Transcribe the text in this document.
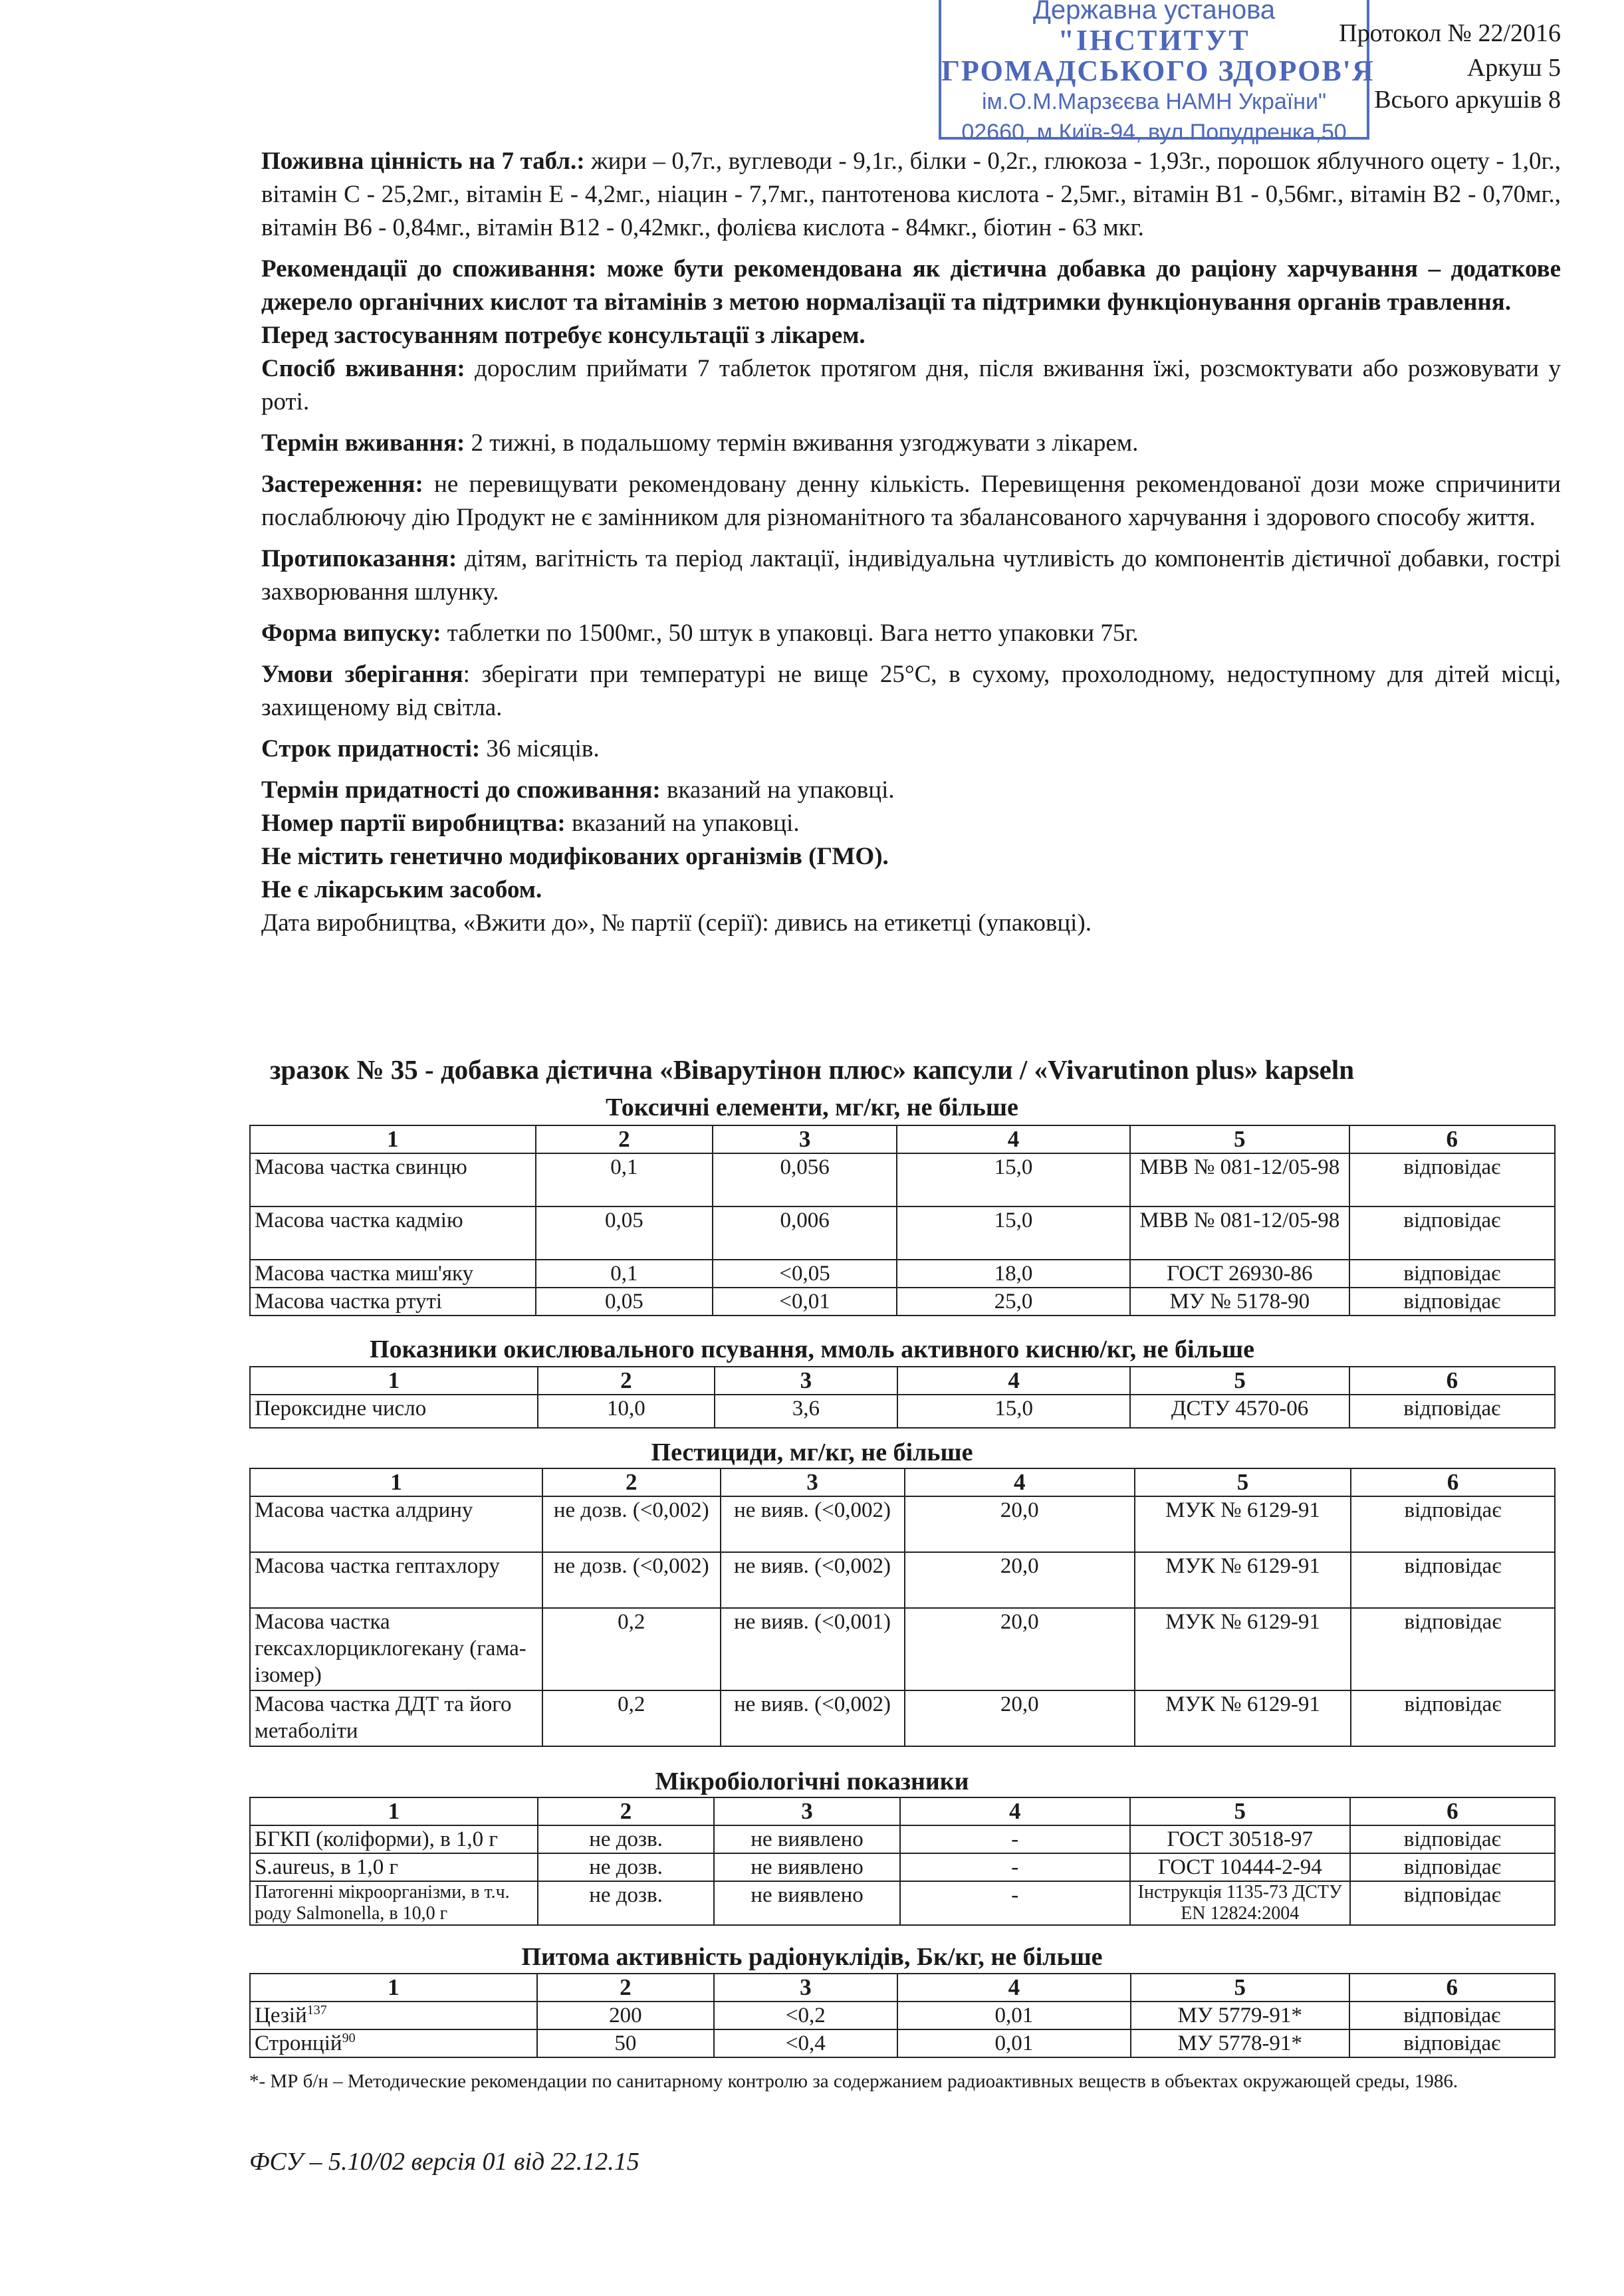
Державна установа
"ІНСТИТУТ
ГРОМАДСЬКОГО ЗДОРОВ'Я
ім.О.М.Марзєєва НАМН України"
02660, м.Київ-94, вул.Попудренка,50
Протокол № 22/2016
Аркуш 5
Всього аркушів 8

Поживна цінність на 7 табл.: жири – 0,7г., вуглеводи - 9,1г., білки - 0,2г., глюкоза - 1,93г., порошок яблучного оцету - 1,0г., вітамін С - 25,2мг., вітамін Е - 4,2мг., ніацин - 7,7мг., пантотенова кислота - 2,5мг., вітамін В1 - 0,56мг., вітамін В2 - 0,70мг., вітамін В6 - 0,84мг., вітамін В12 - 0,42мкг., фолієва кислота - 84мкг., біотин - 63 мкг.

Рекомендації до споживання: може бути рекомендована як дієтична добавка до раціону харчування – додаткове джерело органічних кислот та вітамінів з метою нормалізації та підтримки функціонування органів травлення.

Перед застосуванням потребує консультації з лікарем.

Спосіб вживання: дорослим приймати 7 таблеток протягом дня, після вживання їжі, розсмоктувати або розжовувати у роті.

Термін вживання: 2 тижні, в подальшому термін вживання узгоджувати з лікарем.

Застереження: не перевищувати рекомендовану денну кількість. Перевищення рекомендованої дози може спричинити послаблюючу дію Продукт не є замінником для різноманітного та збалансованого харчування і здорового способу життя.

Протипоказання: дітям, вагітність та період лактації, індивідуальна чутливість до компонентів дієтичної добавки, гострі захворювання шлунку.

Форма випуску: таблетки по 1500мг., 50 штук в упаковці. Вага нетто упаковки 75г.

Умови зберігання: зберігати при температурі не вище 25°С, в сухому, прохолодному, недоступному для дітей місці, захищеному від світла.

Строк придатності: 36 місяців.

Термін придатності до споживання: вказаний на упаковці.

Номер партії виробництва: вказаний на упаковці.

Не містить генетично модифікованих організмів (ГМО).

Не є лікарським засобом.

Дата виробництва, «Вжити до», № партії (серії): дивись на етикетці (упаковці).

зразок № 35 - добавка дієтична «Віварутінон плюс» капсули / «Vivarutinon plus» kapseln
Токсичні елементи, мг/кг, не більше
1	2	3	4	5	6
Масова частка свинцю	0,1	0,056	15,0	МВВ № 081-12/05-98	відповідає
Масова частка кадмію	0,05	0,006	15,0	МВВ № 081-12/05-98	відповідає
Масова частка миш'яку	0,1	<0,05	18,0	ГОСТ 26930-86	відповідає
Масова частка ртуті	0,05	<0,01	25,0	МУ № 5178-90	відповідає
Показники окислювального псування, ммоль активного кисню/кг, не більше
1	2	3	4	5	6
Пероксидне число	10,0	3,6	15,0	ДСТУ 4570-06	відповідає
Пестициди, мг/кг, не більше
1	2	3	4	5	6
Масова частка алдрину	не дозв. (<0,002)	не вияв. (<0,002)	20,0	МУК № 6129-91	відповідає
Масова частка гептахлору	не дозв. (<0,002)	не вияв. (<0,002)	20,0	МУК № 6129-91	відповідає
Масова частка гексахлорциклогекану (гама-ізомер)	0,2	не вияв. (<0,001)	20,0	МУК № 6129-91	відповідає
Масова частка ДДТ та його метаболіти	0,2	не вияв. (<0,002)	20,0	МУК № 6129-91	відповідає
Мікробіологічні показники
1	2	3	4	5	6
БГКП (коліформи), в 1,0 г	не дозв.	не виявлено	-	ГОСТ 30518-97	відповідає
S.aureus, в 1,0 г	не дозв.	не виявлено	-	ГОСТ 10444-2-94	відповідає
Патогенні мікроорганізми, в т.ч. роду Salmonella, в 10,0 г	не дозв.	не виявлено	-	Інструкція 1135-73 ДСТУ EN 12824:2004	відповідає
Питома активність радіонуклідів, Бк/кг, не більше
1	2	3	4	5	6
Цезій$^{137}$	200	<0,2	0,01	МУ 5779-91*	відповідає
Стронцій$^{90}$	50	<0,4	0,01	МУ 5778-91*	відповідає
*- МР б/н – Методические рекомендации по санитарному контролю за содержанием радиоактивных веществ в объектах окружающей среды, 1986.
ФСУ – 5.10/02 версія 01 від 22.12.15
